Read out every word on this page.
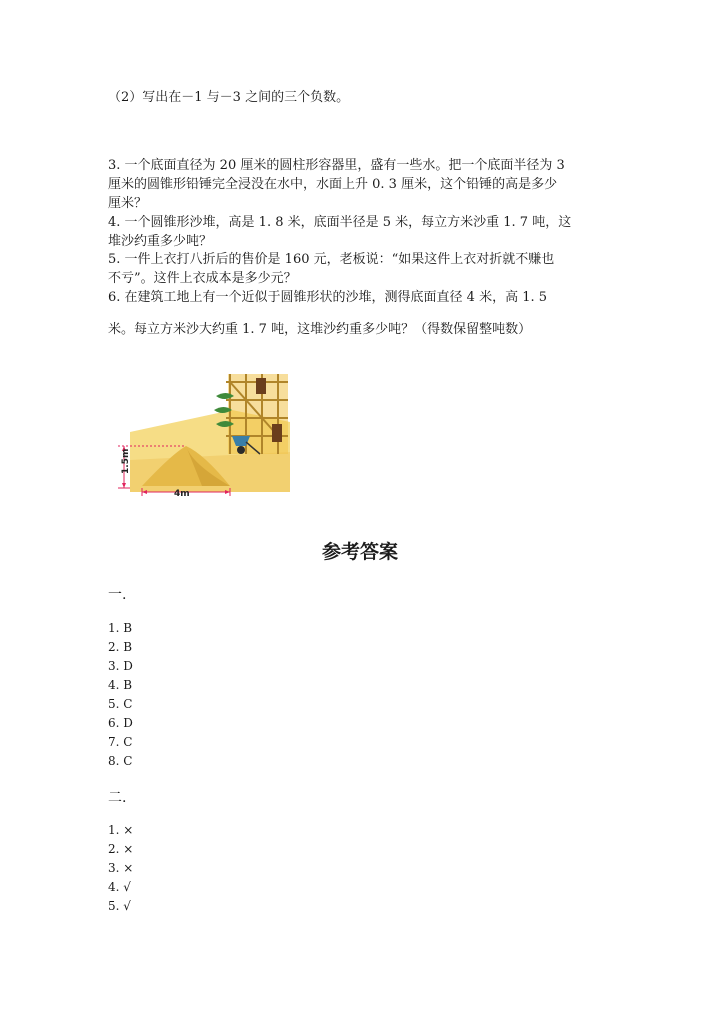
（2）写出在－1 与－3 之间的三个负数。
3. 一个底面直径为 20 厘米的圆柱形容器里，盛有一些水。把一个底面半径为 3
厘米的圆锥形铅锤完全浸没在水中，水面上升 0. 3 厘米，这个铅锤的高是多少
厘米？
4. 一个圆锥形沙堆，高是 1. 8 米，底面半径是 5 米，每立方米沙重 1. 7 吨，这
堆沙约重多少吨？
5. 一件上衣打八折后的售价是 160 元，老板说：“如果这件上衣对折就不赚也
不亏”。这件上衣成本是多少元？
6. 在建筑工地上有一个近似于圆锥形状的沙堆，测得底面直径 4 米，高 1. 5
米。每立方米沙大约重 1. 7 吨，这堆沙约重多少吨？（得数保留整吨数）
1.5m
4m
参考答案
一.
1. B
2. B
3. D
4. B
5. C
6. D
7. C
8. C
二.
1. ×
2. ×
3. ×
4. √
5. √
